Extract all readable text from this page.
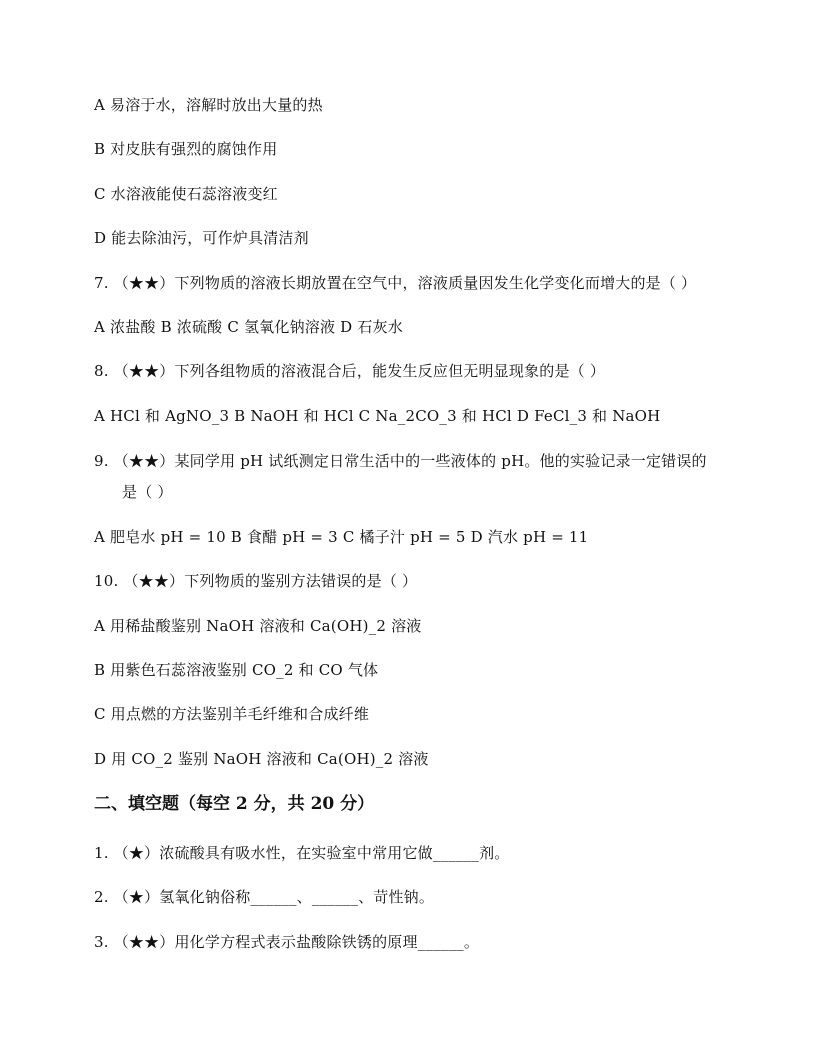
A 易溶于水，溶解时放出大量的热
B 对皮肤有强烈的腐蚀作用
C 水溶液能使石蕊溶液变红
D 能去除油污，可作炉具清洁剂
7. （★★）下列物质的溶液长期放置在空气中，溶液质量因发生化学变化而增大的是（ ）
A 浓盐酸 B 浓硫酸 C 氢氧化钠溶液 D 石灰水
8. （★★）下列各组物质的溶液混合后，能发生反应但无明显现象的是（ ）
A HCl 和 AgNO_3 B NaOH 和 HCl C Na_2CO_3 和 HCl D FeCl_3 和 NaOH
9. （★★）某同学用 pH 试纸测定日常生活中的一些液体的 pH。他的实验记录一定错误的
是（ ）
A 肥皂水 pH = 10 B 食醋 pH = 3 C 橘子汁 pH = 5 D 汽水 pH = 11
10. （★★）下列物质的鉴别方法错误的是（ ）
A 用稀盐酸鉴别 NaOH 溶液和 Ca(OH)_2 溶液
B 用紫色石蕊溶液鉴别 CO_2 和 CO 气体
C 用点燃的方法鉴别羊毛纤维和合成纤维
D 用 CO_2 鉴别 NaOH 溶液和 Ca(OH)_2 溶液
二、填空题（每空 2 分，共 20 分）
1. （★）浓硫酸具有吸水性，在实验室中常用它做______剂。
2. （★）氢氧化钠俗称______、______、苛性钠。
3. （★★）用化学方程式表示盐酸除铁锈的原理______。
